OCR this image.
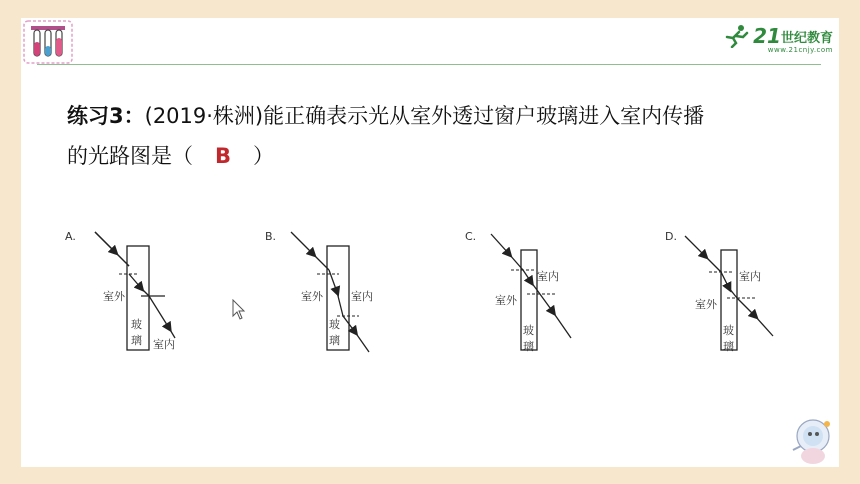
21 世纪教育
www.21cnjy.com
练习3：(2019·株洲)能正确表示光从室外透过窗户玻璃进入室内传播
的光路图是（ B ）
A.
室外
玻
璃 室内
B.
室外	室内
玻
璃
C.
室外
室内
玻
璃
D.
室外
室内
玻
璃
